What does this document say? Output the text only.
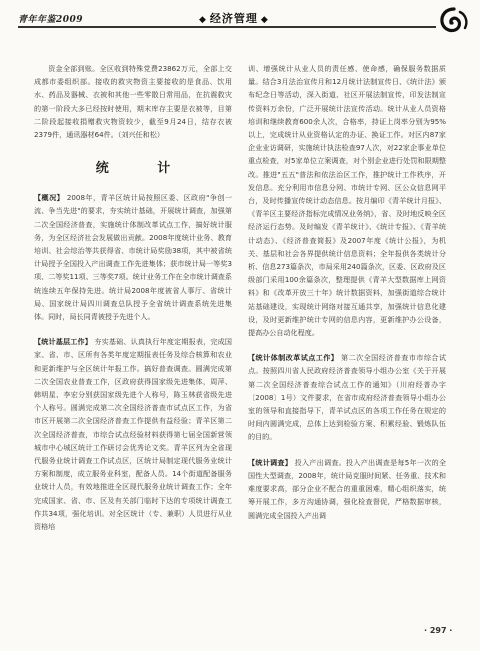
青年年鉴2009	◆ 经济管理 ◆

资金全部到账。全区收到特殊党费23862万元，全部上交成都市委组织部。接收的救灾物资主要接收的是食品、饮用水、药品及器械、衣被和其他一些零散日常用品，在抗震救灾的第一阶段大多已经按时使用，期末库存主要是衣被等，目第二阶段起接收捐赠救灾物资较少，截至9月24日，结存衣被2379件，通讯器材64件。（刘兴任和松）

统 计

【概况】 2008年，青羊区统计局按照区委、区政府"争创一流、争当先进"的要求，夯实统计基础，开展统计调查，加强第二次全国经济普查，实施统计体制改革试点工作，搞好统计服务，为全区经济社会发展做出贡献。2008年度统计业务、教育培训、社会综治等共获得省、市统计局奖励38项，其中被省统计局授予全国投入产出调查工作先进集体；获市统计局一等奖3项、二等奖11项、三等奖7项。统计业务工作在全市统计调查系统连续五年保持先进。统计局2008年度被省人事厅、省统计局、国家统计局四川调查总队授予全省统计调查系统先进集体。同时，局长同青被授予先进个人。

【统计基层工作】 夯实基础、认真执行年度定期报表，完成国家、省、市、区所有各类年度定期报表任务及综合核算和农业和更新维护与全区统计年报工作。搞好普查调查。圆满完成第二次全国农业普查工作，区政府获得国家级先进集体，周萍、韩明星、李宏分别获国家级先进个人称号，陈玉林获省级先进个人称号。圆满完成第二次全国经济普查市试点区工作，为省市区开展第二次全国经济普查工作提供有益经验；青羊区第二次全国经济普查，市综合试点经验材料获得第七届全国新营领城市中心城区统计工作研讨会优秀论文奖。青羊区列为全省现代服务业统计调查工作试点区，区统计局制定现代服务业统计方案和制度，成立服务业科室，配备人员。14个街道配备服务业统计人员，有效地推进全区现代服务业统计调查工作；全年完成国家、省、市、区及有关部门临时下达的专项统计调查工作共34项，强化培训。对全区统计（专、兼职）人员进行从业资格培

训、增强统计从业人员的责任感、使命感，确保服务数据质量。结合3月法治宣传月和12月统计法制宣传日、《统计法》颁布纪念日等活动，深入街道、社区开展法制宣传，印发法制宣传资料万余份，广泛开展统计法宣传活动。统计从业人员资格培训和继续教育600余人次，合格率，持证上岗率分别为95%以上，完成统计从业资格认定的办证、换证工作。对区内87家企业业访调研，实施统计执法检查97人次，对22家企事业单位重点检查，对5家单位立案调查，对个别企业进行处罚和限期整改。推进"五五"普法和依法治区工作，推护统计工作秩序，开发信息。充分利用市信息分网、市统计专网、区公众信息网平台，及时传播宣传统计动态信息。按月编印《青羊统计月报》、《青羊区主要经济指标完成情况业务纳》，省、及时地反映全区经济运行态势。及时编发《青羊统计》、《统计专报》、《青羊统计动态》、《经济普查简报》及2007年度《统计公报》，为机关、基层和社会各界提供统计信息资料；全年报供各类统计分析、信息273篇条次，市局采用240篇条次，区委、区政府及区级部门采用100余篇条次，整理提供《青羊大型数据库上网资料》和《改革开放三十年》统计数据资料，加强街道综合统计站基础建设，实现统计网络对接互通共享，加强统计信息化建设，及时更新维护统计专网的信息内容，更新维护办公设备，提高办公自动化程度。

【统计体制改革试点工作】 第二次全国经济普查市市综合试点。按照四川省人民政府经济普查领导小组办公室《关于开展第二次全国经济普查综合试点工作的通知》（川府经普办字〔2008〕1号）文件要求，在省市成府经济普查领导小组办公室的领导和直接指导下，青羊试点区的各项工作任务在规定的时间内圆满完成，总体上达到检验方案、积累经验、锻炼队伍的目的。

【统计调查】 投入产出调查。投入产出调查是每5年一次的全国性大型调查，2008年，统计局克服时间紧、任务重、技术和难度要求高，部分企业不配合的重重困难，精心组织落实，统筹开展工作，多方沟通协调，强化检查督促，严格数据审核，圆满完成全国投入产出调

· 297 ·
